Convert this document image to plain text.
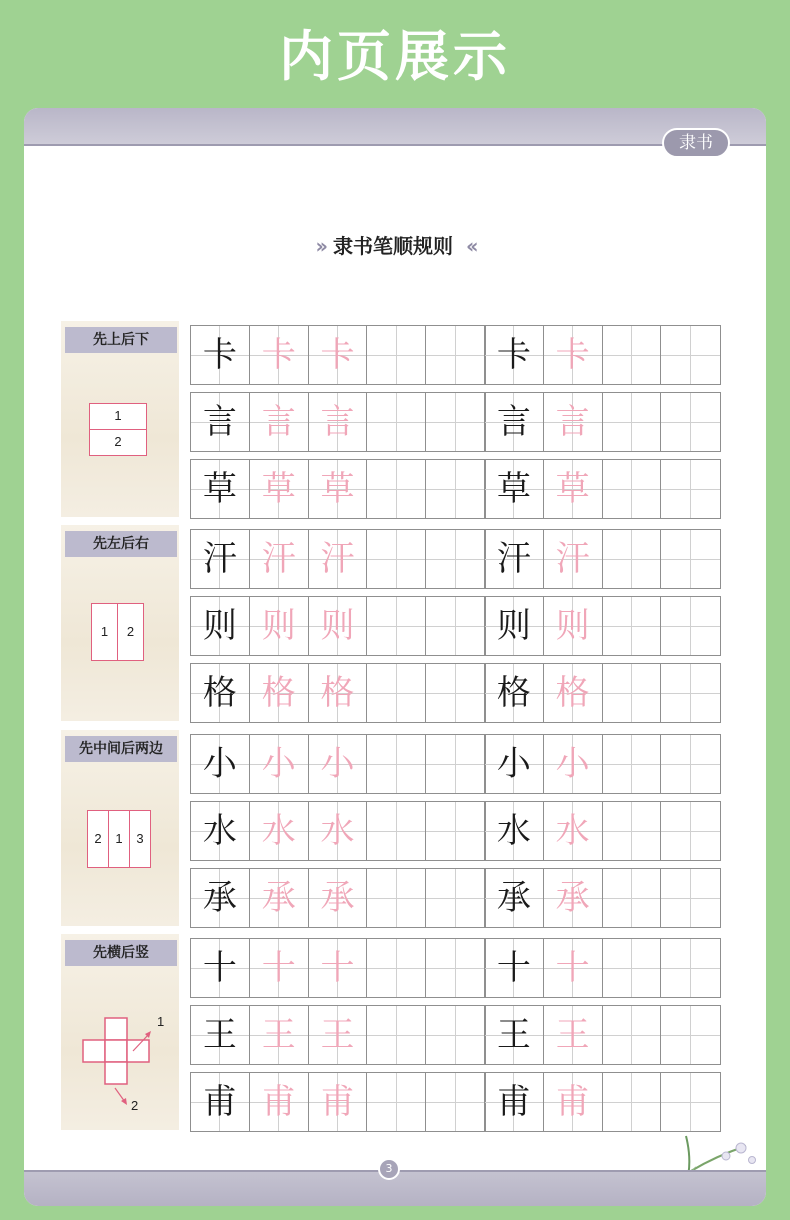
内页展示
隶书
›› 隶书笔顺规则 ‹‹
先上后下
1
2
卡 卡 卡	卡 卡
言 言 言	言 言
草 草 草	草 草
先左后右
1	2
汗 汗 汗	汗 汗
则 则 则	则 则
格 格 格	格 格
先中间后两边
2	1	3
小 小 小	小 小
水 水 水	水 水
承 承 承	承 承
先横后竖
1
2
十 十 十	十 十
王 王 王	王 王
甫 甫 甫	甫 甫
3
